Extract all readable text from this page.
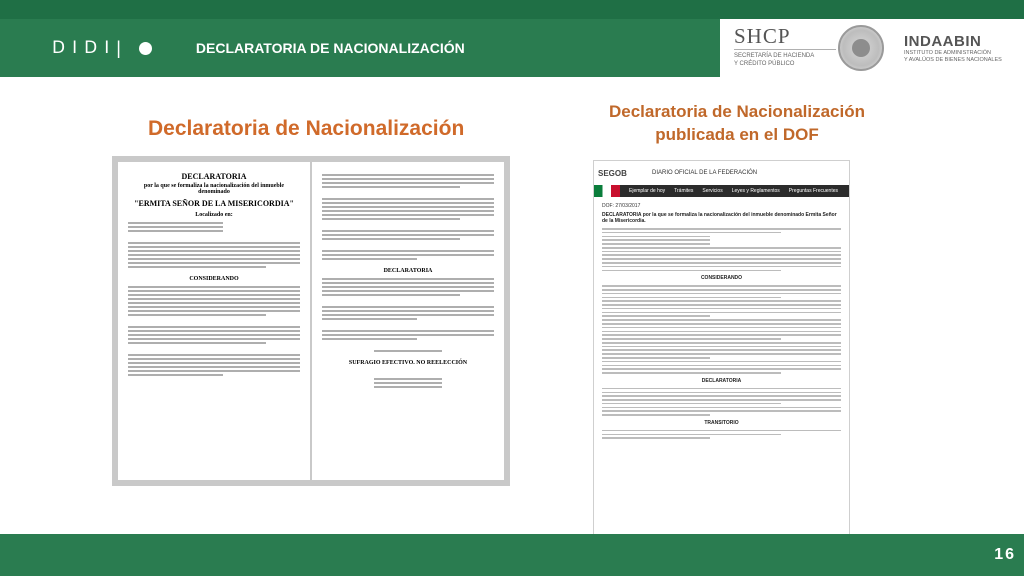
DIDI |	DECLARATORIA DE NACIONALIZACIÓN	SHCP
SECRETARÍA DE HACIENDA
Y CRÉDITO PÚBLICO
INDAABIN
INSTITUTO DE ADMINISTRACIÓN
Y AVALÚOS DE BIENES NACIONALES
Declaratoria de Nacionalización
Declaratoria de Nacionalización
publicada en el DOF
DECLARATORIA
por la que se formaliza la nacionalización del inmueble denominado
"ERMITA SEÑOR DE LA MISERICORDIA"
Localizado en:
CONSIDERANDO
DECLARATORIA
SUFRAGIO EFECTIVO. NO REELECCIÓN
SEGOB	DIARIO OFICIAL DE LA FEDERACIÓN
Ejemplar de hoy Trámites Servicios Leyes y Reglamentos Preguntas Frecuentes
DOF: 27/03/2017
DECLARATORIA por la que se formaliza la nacionalización del inmueble denominado Ermita Señor de la Misericordia.
CONSIDERANDO
DECLARATORIA
TRANSITORIO
16
